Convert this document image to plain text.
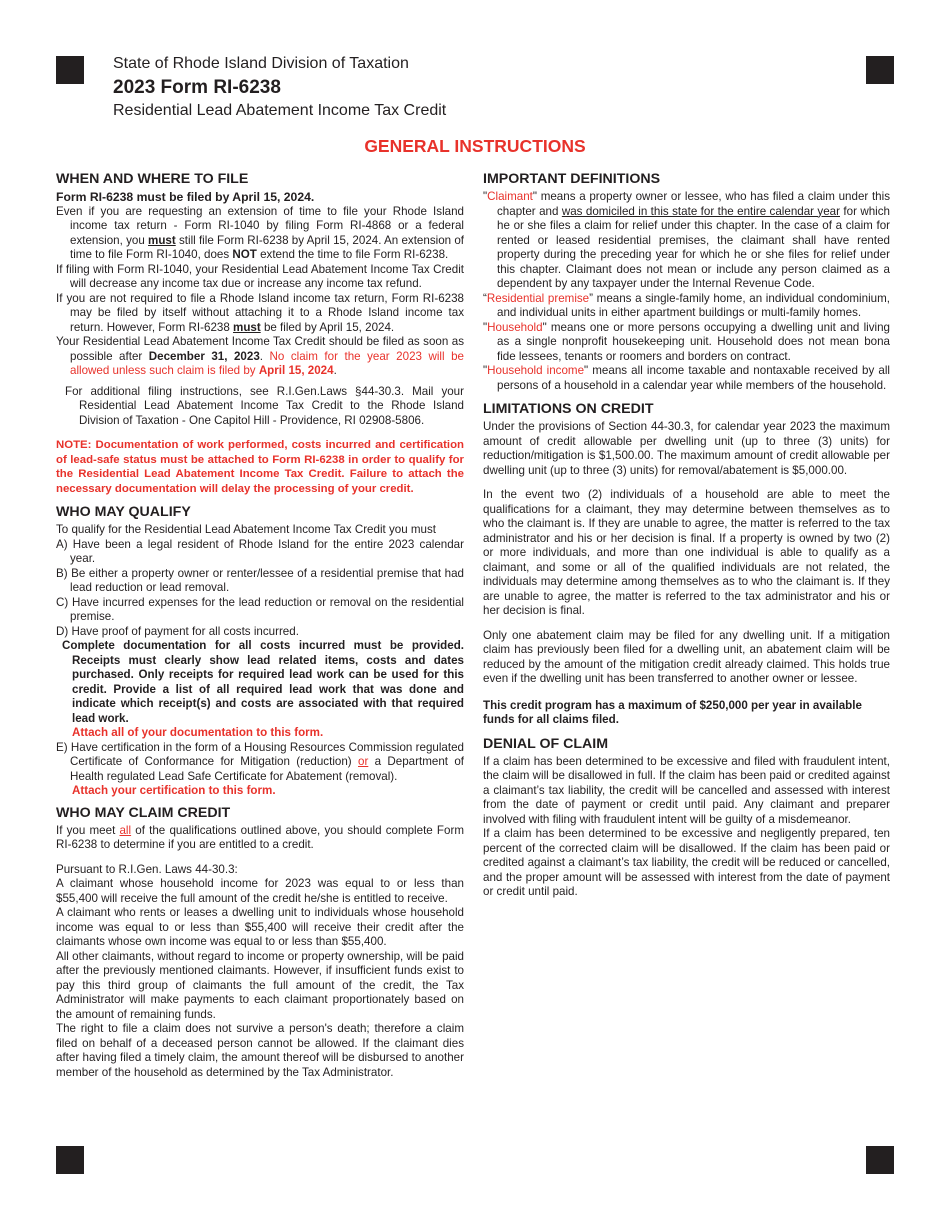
State of Rhode Island Division of Taxation
2023 Form RI-6238
Residential Lead Abatement Income Tax Credit
GENERAL INSTRUCTIONS
WHEN AND WHERE TO FILE

Form RI-6238 must be filed by April 15, 2024.

Even if you are requesting an extension of time to file your Rhode Island income tax return - Form RI-1040 by filing Form RI-4868 or a federal extension, you must still file Form RI-6238 by April 15, 2024. An extension of time to file Form RI-1040, does NOT extend the time to file Form RI-6238.

If filing with Form RI-1040, your Residential Lead Abatement Income Tax Credit will decrease any income tax due or increase any income tax refund.

If you are not required to file a Rhode Island income tax return, Form RI-6238 may be filed by itself without attaching it to a Rhode Island income tax return. However, Form RI-6238 must be filed by April 15, 2024.

Your Residential Lead Abatement Income Tax Credit should be filed as soon as possible after December 31, 2023. No claim for the year 2023 will be allowed unless such claim is filed by April 15, 2024.

For additional filing instructions, see R.I.Gen.Laws §44-30.3. Mail your Residential Lead Abatement Income Tax Credit to the Rhode Island Division of Taxation - One Capitol Hill - Providence, RI 02908-5806.

NOTE: Documentation of work performed, costs incurred and certification of lead-safe status must be attached to Form RI-6238 in order to qualify for the Residential Lead Abatement Income Tax Credit. Failure to attach the necessary documentation will delay the processing of your credit.

WHO MAY QUALIFY

To qualify for the Residential Lead Abatement Income Tax Credit you must

A) Have been a legal resident of Rhode Island for the entire 2023 calendar year.

B) Be either a property owner or renter/lessee of a residential premise that had lead reduction or lead removal.

C) Have incurred expenses for the lead reduction or removal on the residential premise.

D) Have proof of payment for all costs incurred.

Complete documentation for all costs incurred must be provided. Receipts must clearly show lead related items, costs and dates purchased. Only receipts for required lead work can be used for this credit. Provide a list of all required lead work that was done and indicate which receipt(s) and costs are associated with that required lead work.

Attach all of your documentation to this form.

E) Have certification in the form of a Housing Resources Commission regulated Certificate of Conformance for Mitigation (reduction) or a Department of Health regulated Lead Safe Certificate for Abatement (removal).

Attach your certification to this form.

WHO MAY CLAIM CREDIT

If you meet all of the qualifications outlined above, you should complete Form RI-6238 to determine if you are entitled to a credit.

Pursuant to R.I.Gen. Laws 44-30.3:

A claimant whose household income for 2023 was equal to or less than $55,400 will receive the full amount of the credit he/she is entitled to receive.

A claimant who rents or leases a dwelling unit to individuals whose household income was equal to or less than $55,400 will receive their credit after the claimants whose own income was equal to or less than $55,400.

All other claimants, without regard to income or property ownership, will be paid after the previously mentioned claimants. However, if insufficient funds exist to pay this third group of claimants the full amount of the credit, the Tax Administrator will make payments to each claimant proportionately based on the amount of remaining funds.

The right to file a claim does not survive a person's death; therefore a claim filed on behalf of a deceased person cannot be allowed. If the claimant dies after having filed a timely claim, the amount thereof will be disbursed to another member of the household as determined by the Tax Administrator.

IMPORTANT DEFINITIONS

"Claimant" means a property owner or lessee, who has filed a claim under this chapter and was domiciled in this state for the entire calendar year for which he or she files a claim for relief under this chapter. In the case of a claim for rented or leased residential premises, the claimant shall have rented property during the preceding year for which he or she files for relief under this chapter. Claimant does not mean or include any person claimed as a dependent by any taxpayer under the Internal Revenue Code.

“Residential premise” means a single-family home, an individual condominium, and individual units in either apartment buildings or multi-family homes.

"Household" means one or more persons occupying a dwelling unit and living as a single nonprofit housekeeping unit. Household does not mean bona fide lessees, tenants or roomers and borders on contract.

"Household income" means all income taxable and nontaxable received by all persons of a household in a calendar year while members of the household.

LIMITATIONS ON CREDIT

Under the provisions of Section 44-30.3, for calendar year 2023 the maximum amount of credit allowable per dwelling unit (up to three (3) units) for reduction/mitigation is $1,500.00. The maximum amount of credit allowable per dwelling unit (up to three (3) units) for removal/abatement is $5,000.00.

In the event two (2) individuals of a household are able to meet the qualifications for a claimant, they may determine between themselves as to who the claimant is. If they are unable to agree, the matter is referred to the tax administrator and his or her decision is final. If a property is owned by two (2) or more individuals, and more than one individual is able to qualify as a claimant, and some or all of the qualified individuals are not related, the individuals may determine among themselves as to who the claimant is. If they are unable to agree, the matter is referred to the tax administrator and his or her decision is final.

Only one abatement claim may be filed for any dwelling unit. If a mitigation claim has previously been filed for a dwelling unit, an abatement claim will be reduced by the amount of the mitigation credit already claimed. This holds true even if the dwelling unit has been transferred to another owner or lessee.

This credit program has a maximum of $250,000 per year in available funds for all claims filed.

DENIAL OF CLAIM

If a claim has been determined to be excessive and filed with fraudulent intent, the claim will be disallowed in full. If the claim has been paid or credited against a claimant’s tax liability, the credit will be cancelled and assessed with interest from the date of payment or credit until paid. Any claimant and preparer involved with filing with fraudulent intent will be guilty of a misdemeanor.

If a claim has been determined to be excessive and negligently prepared, ten percent of the corrected claim will be disallowed. If the claim has been paid or credited against a claimant’s tax liability, the credit will be reduced or cancelled, and the proper amount will be assessed with interest from the date of payment or credit until paid.
